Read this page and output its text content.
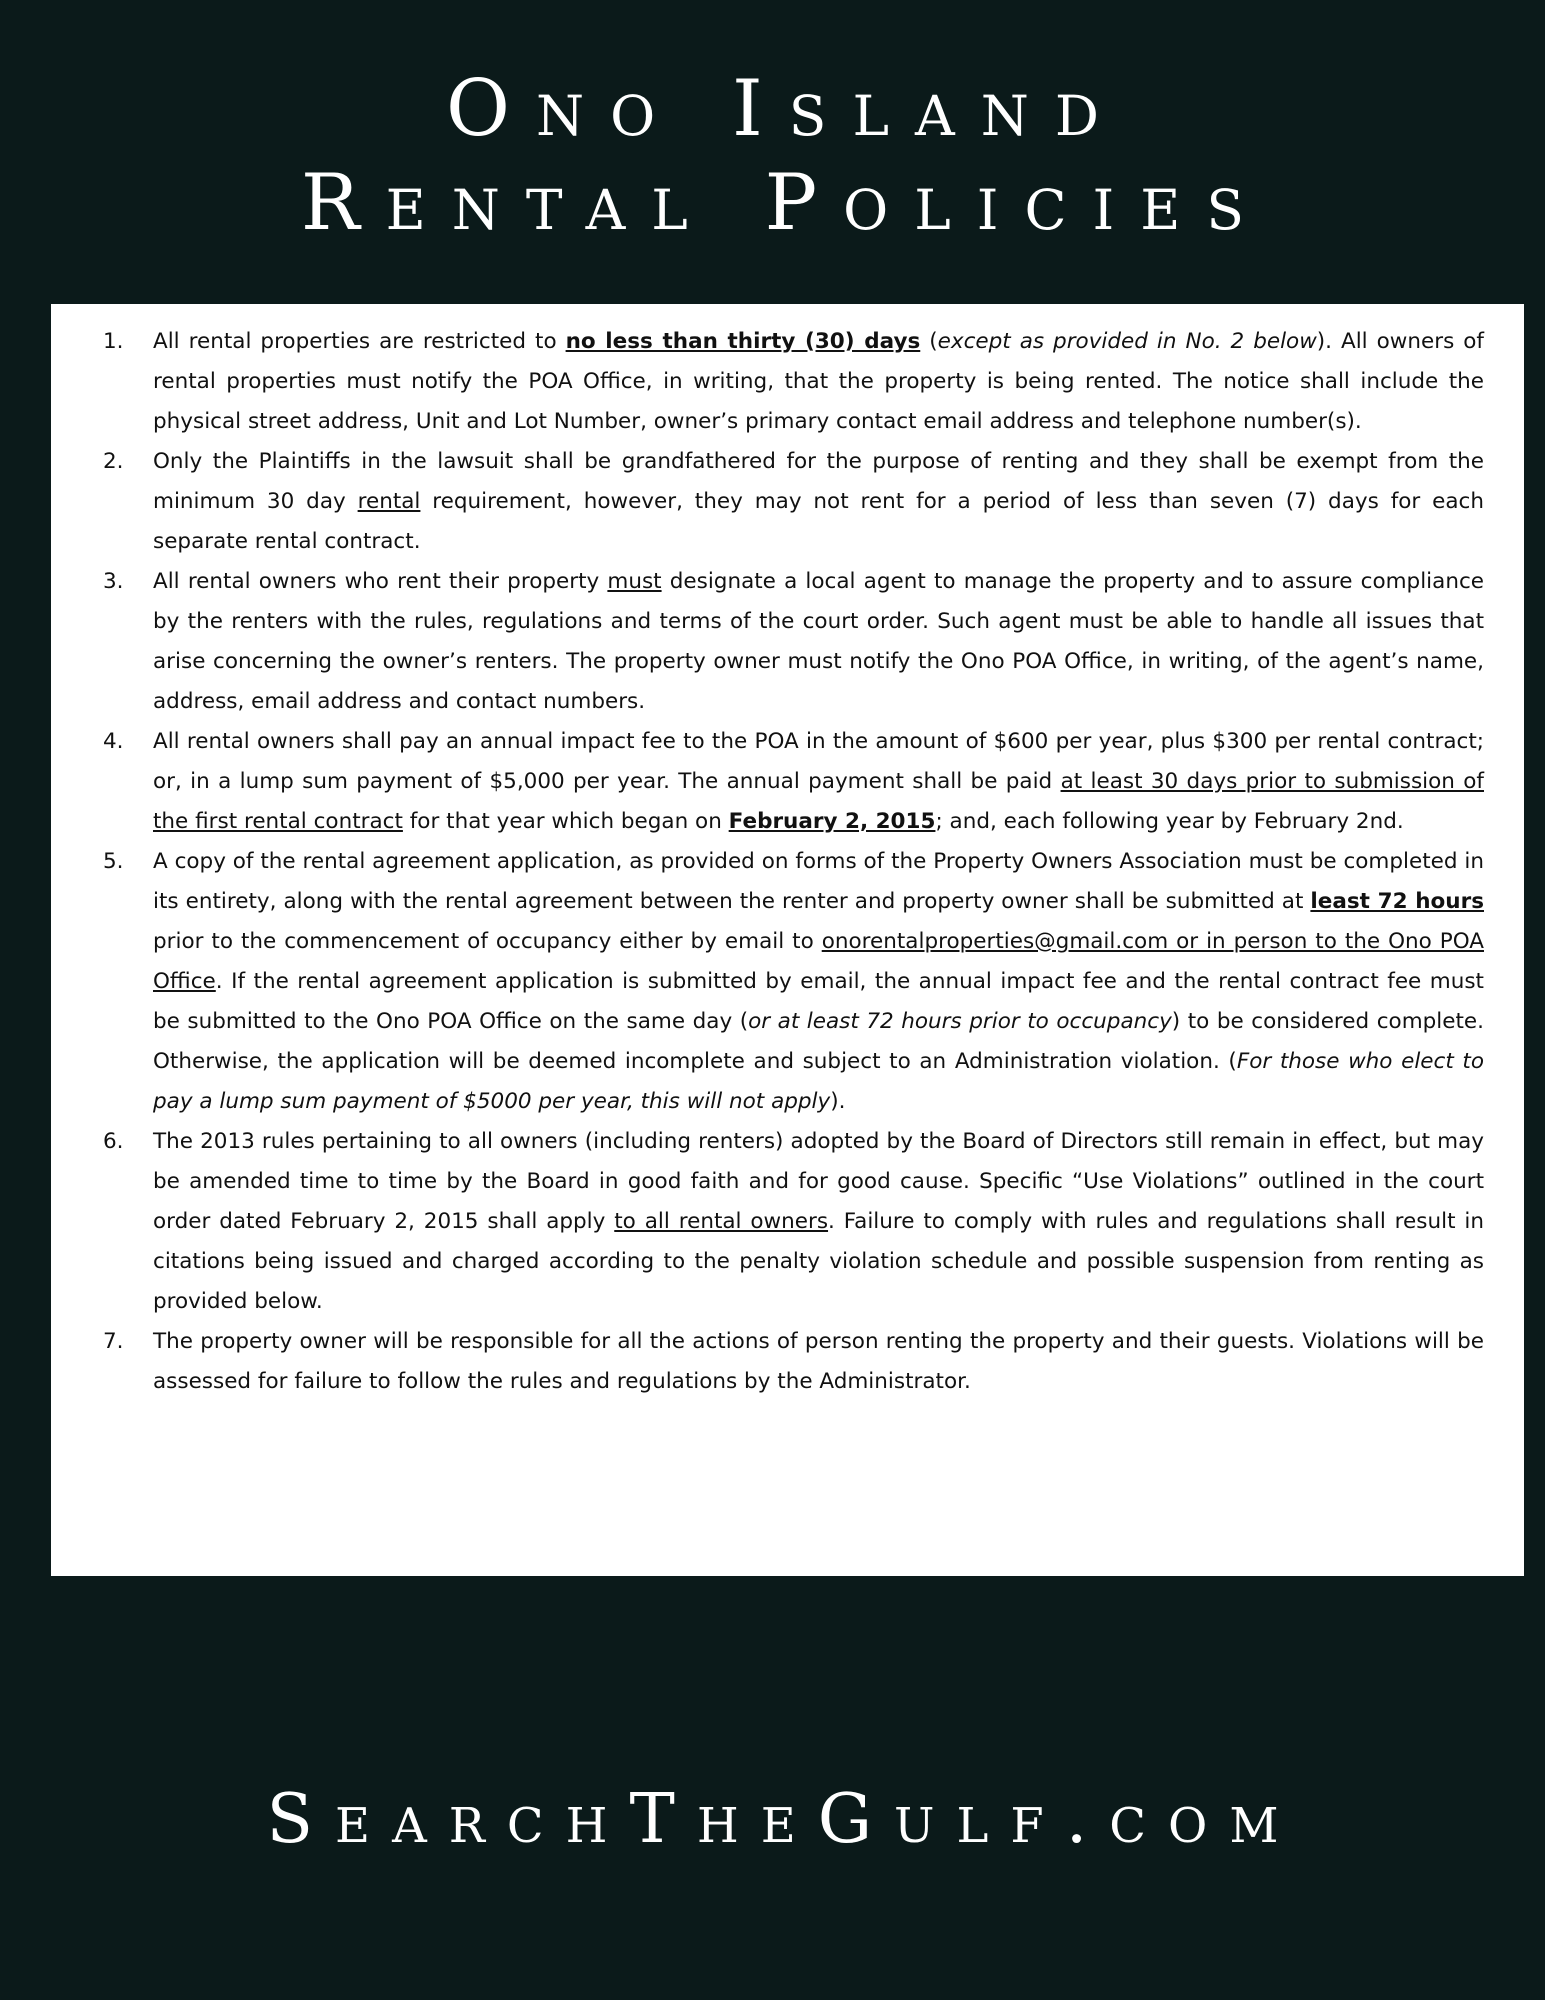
Ono Island
Rental Policies
1. All rental properties are restricted to no less than thirty (30) days (except as provided in No. 2 below). All owners of rental properties must notify the POA Office, in writing, that the property is being rented. The notice shall include the physical street address, Unit and Lot Number, owner’s primary contact email address and telephone number(s).
2. Only the Plaintiffs in the lawsuit shall be grandfathered for the purpose of renting and they shall be exempt from the minimum 30 day rental requirement, however, they may not rent for a period of less than seven (7) days for each separate rental contract.
3. All rental owners who rent their property must designate a local agent to manage the property and to assure compliance by the renters with the rules, regulations and terms of the court order. Such agent must be able to handle all issues that arise concerning the owner’s renters. The property owner must notify the Ono POA Office, in writing, of the agent’s name, address, email address and contact numbers.
4. All rental owners shall pay an annual impact fee to the POA in the amount of $600 per year, plus $300 per rental contract; or, in a lump sum payment of $5,000 per year. The annual payment shall be paid at least 30 days prior to submission of the first rental contract for that year which began on February 2, 2015; and, each following year by February 2nd.
5. A copy of the rental agreement application, as provided on forms of the Property Owners Association must be completed in its entirety, along with the rental agreement between the renter and property owner shall be submitted at least 72 hours prior to the commencement of occupancy either by email to onorentalproperties@gmail.com or in person to the Ono POA Office. If the rental agreement application is submitted by email, the annual impact fee and the rental contract fee must be submitted to the Ono POA Office on the same day (or at least 72 hours prior to occupancy) to be considered complete. Otherwise, the application will be deemed incomplete and subject to an Administration violation. (For those who elect to pay a lump sum payment of $5000 per year, this will not apply).
6. The 2013 rules pertaining to all owners (including renters) adopted by the Board of Directors still remain in effect, but may be amended time to time by the Board in good faith and for good cause. Specific “Use Violations” outlined in the court order dated February 2, 2015 shall apply to all rental owners. Failure to comply with rules and regulations shall result in citations being issued and charged according to the penalty violation schedule and possible suspension from renting as provided below.
7. The property owner will be responsible for all the actions of person renting the property and their guests. Violations will be assessed for failure to follow the rules and regulations by the Administrator.
SearchTheGulf.com
